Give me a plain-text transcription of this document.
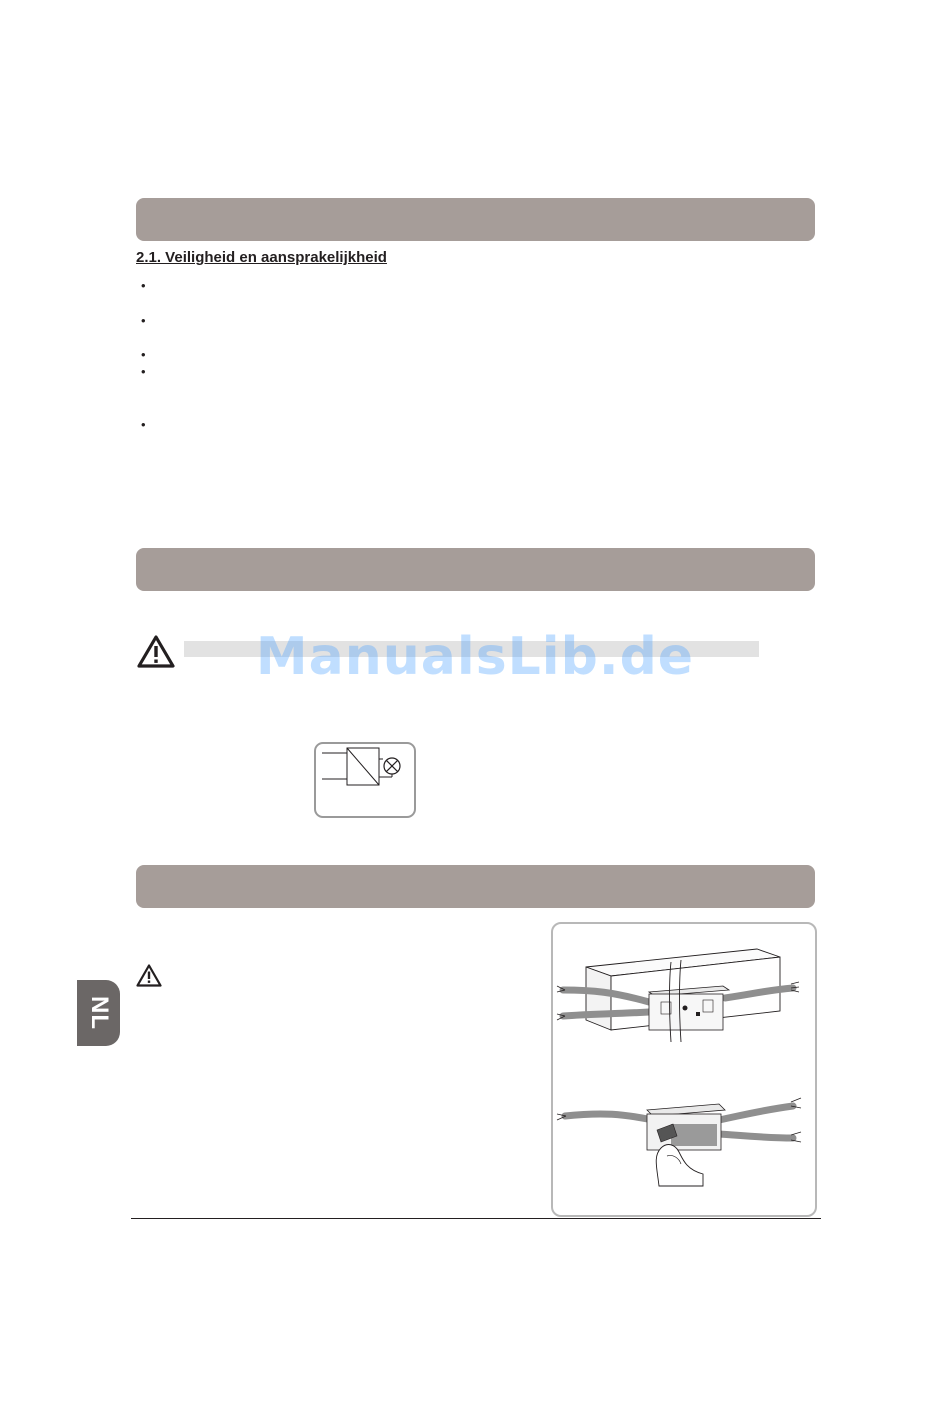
2.1. Veiligheid en aansprakelijkheid
•
•
•
•
•
ManualsLib.de
NL
